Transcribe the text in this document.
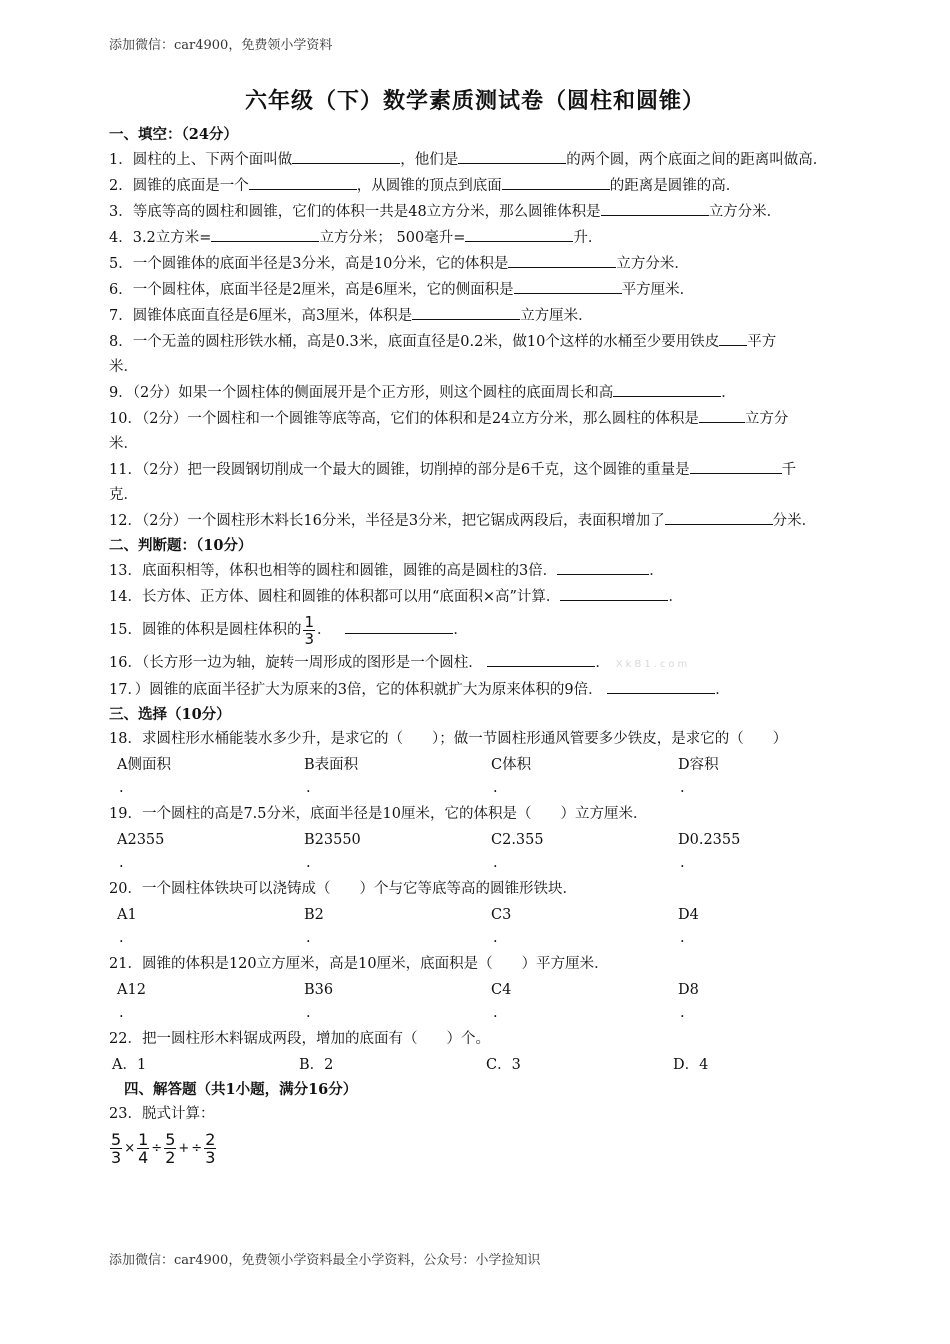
添加微信：car4900，免费领小学资料
六年级（下）数学素质测试卷（圆柱和圆锥）
一、填空：（24分）
1．圆柱的上、下两个面叫做	，他们是	的两个圆，两个底面之间的距离叫做高．
2．圆锥的底面是一个	，从圆锥的顶点到底面	的距离是圆锥的高．
3．等底等高的圆柱和圆锥，它们的体积一共是48立方分米，那么圆锥体积是	立方分米．
4．3.2立方米=	立方分米； 500毫升=	升．
5．一个圆锥体的底面半径是3分米，高是10分米，它的体积是	立方分米．
6．一个圆柱体，底面半径是2厘米，高是6厘米，它的侧面积是	平方厘米．
7．圆锥体底面直径是6厘米，高3厘米，体积是	立方厘米．
8．一个无盖的圆柱形铁水桶，高是0.3米，底面直径是0.2米，做10个这样的水桶至少要用铁皮 平方
米．
9．（2分）如果一个圆柱体的侧面展开是个正方形，则这个圆柱的底面周长和高	．
10．（2分）一个圆柱和一个圆锥等底等高，它们的体积和是24立方分米，那么圆柱的体积是	立方分
米．
11．（2分）把一段圆钢切削成一个最大的圆锥，切削掉的部分是6千克，这个圆锥的重量是	千
克．
12．（2分）一个圆柱形木料长16分米，半径是3分米，把它锯成两段后，表面积增加了	分米．
二、判断题：（10分）
13．底面积相等，体积也相等的圆柱和圆锥，圆锥的高是圆柱的3倍．	．
14．长方体、正方体、圆柱和圆锥的体积都可以用“底面积×高”计算．	．
15．圆锥的体积是圆柱体积的 $\frac{1}{3}$ ．	．
16．（长方形一边为轴，旋转一周形成的图形是一个圆柱．	． XkB1.com
17．）圆锥的底面半径扩大为原来的3倍，它的体积就扩大为原来体积的9倍．	．
三、选择（10分）
18．求圆柱形水桶能装水多少升，是求它的（　　）；做一节圆柱形通风管要多少铁皮，是求它的（　　）
A侧面积	B表面积	C体积	D容积
.	.	.	.
19．一个圆柱的高是7.5分米，底面半径是10厘米，它的体积是（　　）立方厘米．
A2355	B23550	C2.355	D0.2355
.	.	.	.
20．一个圆柱体铁块可以浇铸成（　　）个与它等底等高的圆锥形铁块．
A1	B2	C3	D4
.	.	.	.
21．圆锥的体积是120立方厘米，高是10厘米，底面积是（　　）平方厘米．
A12	B36	C4	D8
.	.	.	.
22．把一圆柱形木料锯成两段，增加的底面有（　　）个。
A．1	B．2	C．3	D．4
四、解答题（共1小题，满分16分）
23．脱式计算：
$\frac{5}{3} \times \frac{1}{4} \div \frac{5}{2}$ + ÷ $\frac{2}{3}$
添加微信：car4900，免费领小学资料最全小学资料，公众号：小学捡知识
